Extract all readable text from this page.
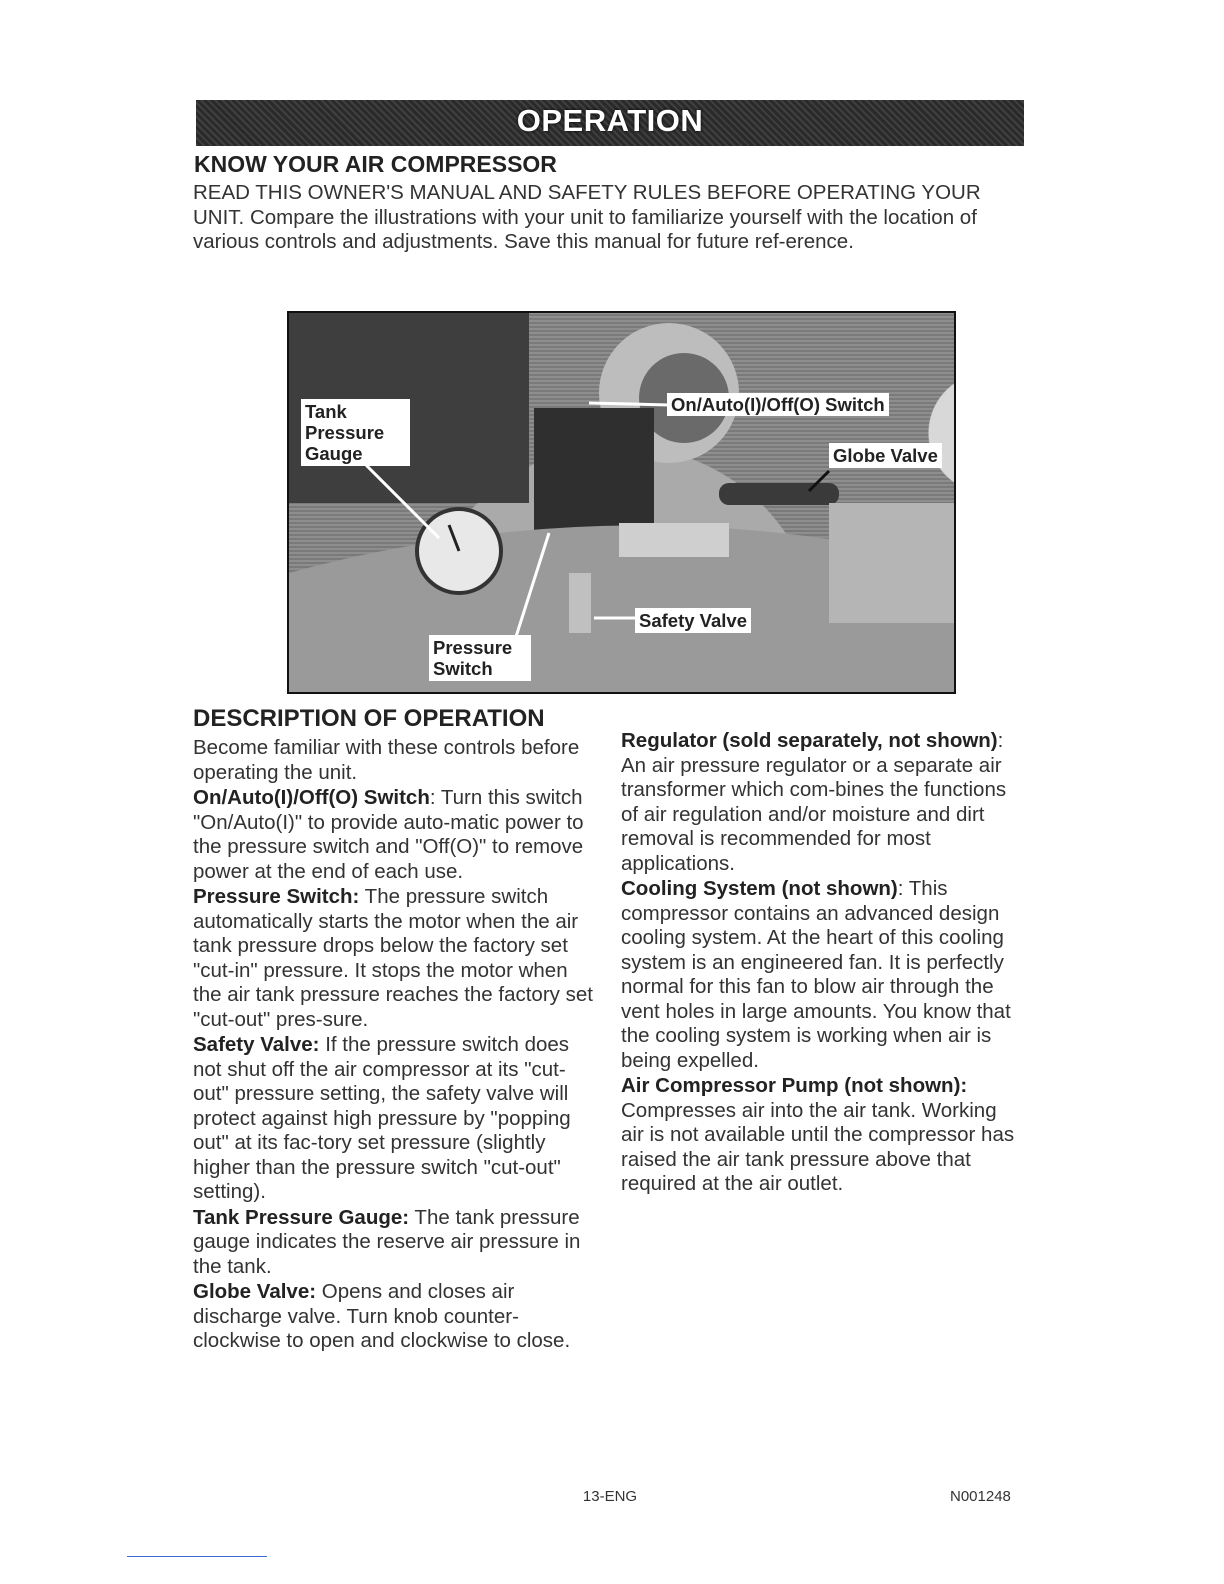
OPERATION
KNOW YOUR AIR COMPRESSOR

READ THIS OWNER'S MANUAL AND SAFETY RULES BEFORE OPERATING YOUR UNIT. Compare the illustrations with your unit to familiarize yourself with the location of various controls and adjustments. Save this manual for future ref-erence.

Tank Pressure Gauge
On/Auto(I)/Off(O) Switch
Globe Valve
Safety Valve
Pressure Switch
DESCRIPTION OF OPERATION

Become familiar with these controls before operating the unit.

On/Auto(I)/Off(O) Switch: Turn this switch "On/Auto(I)" to provide auto-matic power to the pressure switch and "Off(O)" to remove power at the end of each use.

Pressure Switch: The pressure switch automatically starts the motor when the air tank pressure drops below the factory set "cut-in" pressure. It stops the motor when the air tank pressure reaches the factory set "cut-out" pres-sure.

Safety Valve: If the pressure switch does not shut off the air compressor at its "cut-out" pressure setting, the safety valve will protect against high pressure by "popping out" at its fac-tory set pressure (slightly higher than the pressure switch "cut-out" setting).

Tank Pressure Gauge: The tank pressure gauge indicates the reserve air pressure in the tank.

Globe Valve: Opens and closes air discharge valve. Turn knob counter-clockwise to open and clockwise to close.

Regulator (sold separately, not shown): An air pressure regulator or a separate air transformer which com-bines the functions of air regulation and/or moisture and dirt removal is recommended for most applications.

Cooling System (not shown): This compressor contains an advanced design cooling system. At the heart of this cooling system is an engineered fan. It is perfectly normal for this fan to blow air through the vent holes in large amounts. You know that the cooling system is working when air is being expelled.

Air Compressor Pump (not shown): Compresses air into the air tank. Working air is not available until the compressor has raised the air tank pressure above that required at the air outlet.

13-ENG	N001248
